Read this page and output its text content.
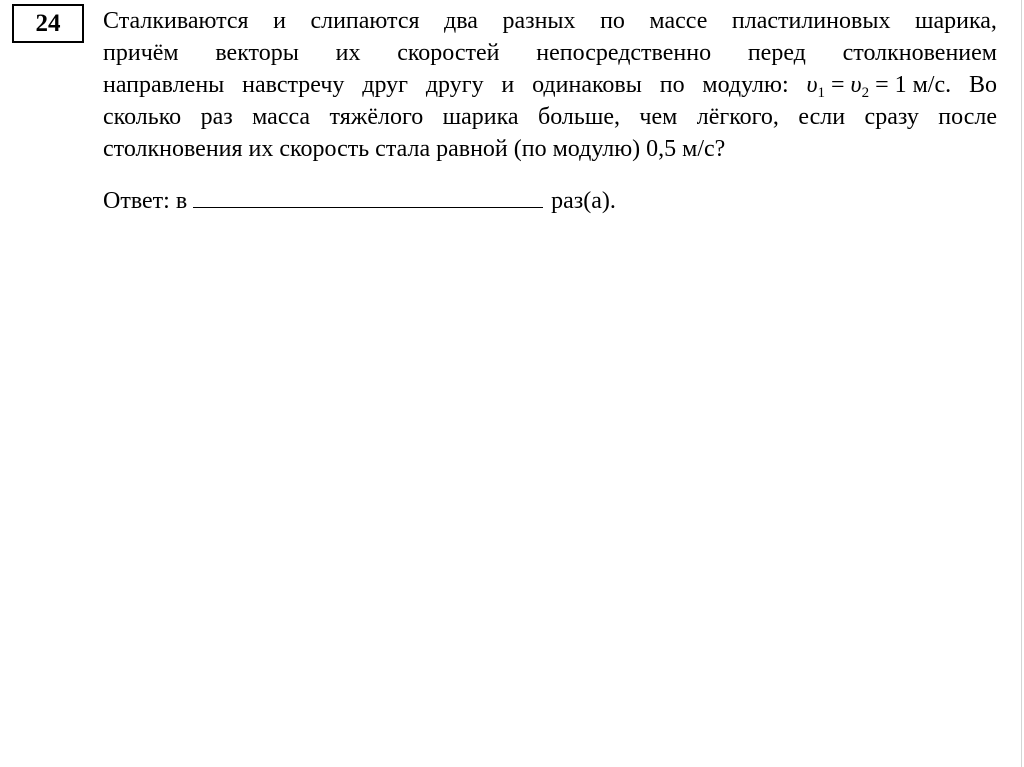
24 Сталкиваются и слипаются два разных по массе пластилиновых шарика,
причём векторы их скоростей непосредственно перед столкновением
направлены навстречу друг другу и одинаковы по модулю: $\upsilon_1 = \upsilon_2 = 1$ м/с. Во
сколько раз масса тяжёлого шарика больше, чем лёгкого, если сразу после
столкновения их скорость стала равной (по модулю) 0,5 м/с?
Ответ: в	раз(а).
